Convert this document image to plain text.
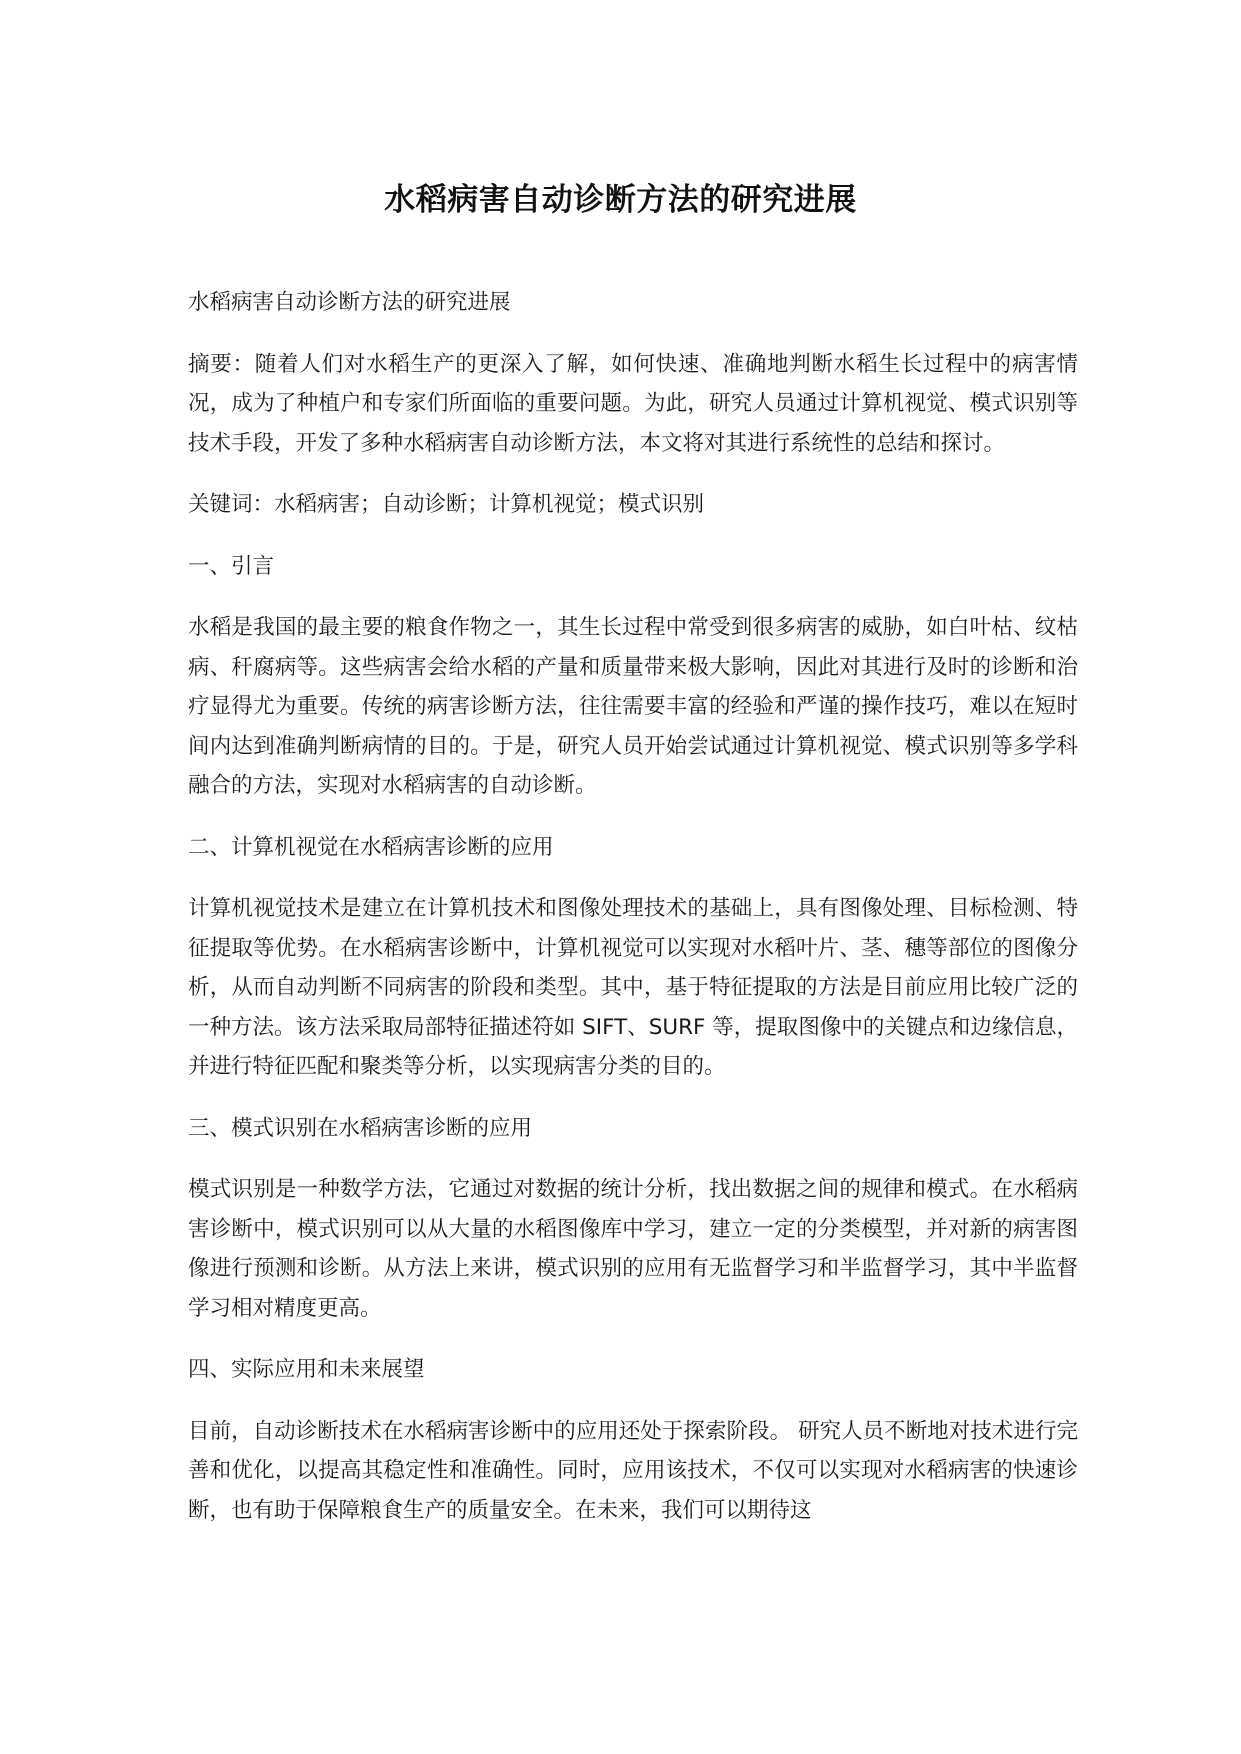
水稻病害自动诊断方法的研究进展

水稻病害自动诊断方法的研究进展

摘要：随着人们对水稻生产的更深入了解，如何快速、准确地判断水稻生长过程中的病害情况，成为了种植户和专家们所面临的重要问题。为此，研究人员通过计算机视觉、模式识别等技术手段，开发了多种水稻病害自动诊断方法，本文将对其进行系统性的总结和探讨。

关键词：水稻病害；自动诊断；计算机视觉；模式识别

一、引言

水稻是我国的最主要的粮食作物之一，其生长过程中常受到很多病害的威胁，如白叶枯、纹枯病、秆腐病等。这些病害会给水稻的产量和质量带来极大影响，因此对其进行及时的诊断和治疗显得尤为重要。传统的病害诊断方法，往往需要丰富的经验和严谨的操作技巧，难以在短时间内达到准确判断病情的目的。于是，研究人员开始尝试通过计算机视觉、模式识别等多学科融合的方法，实现对水稻病害的自动诊断。

二、计算机视觉在水稻病害诊断的应用

计算机视觉技术是建立在计算机技术和图像处理技术的基础上，具有图像处理、目标检测、特征提取等优势。在水稻病害诊断中，计算机视觉可以实现对水稻叶片、茎、穗等部位的图像分析，从而自动判断不同病害的阶段和类型。其中，基于特征提取的方法是目前应用比较广泛的一种方法。该方法采取局部特征描述符如 SIFT、SURF 等，提取图像中的关键点和边缘信息，并进行特征匹配和聚类等分析，以实现病害分类的目的。

三、模式识别在水稻病害诊断的应用

模式识别是一种数学方法，它通过对数据的统计分析，找出数据之间的规律和模式。在水稻病害诊断中，模式识别可以从大量的水稻图像库中学习，建立一定的分类模型，并对新的病害图像进行预测和诊断。从方法上来讲，模式识别的应用有无监督学习和半监督学习，其中半监督学习相对精度更高。

四、实际应用和未来展望

目前，自动诊断技术在水稻病害诊断中的应用还处于探索阶段。 研究人员不断地对技术进行完善和优化，以提高其稳定性和准确性。同时，应用该技术，不仅可以实现对水稻病害的快速诊断，也有助于保障粮食生产的质量安全。在未来，我们可以期待这
